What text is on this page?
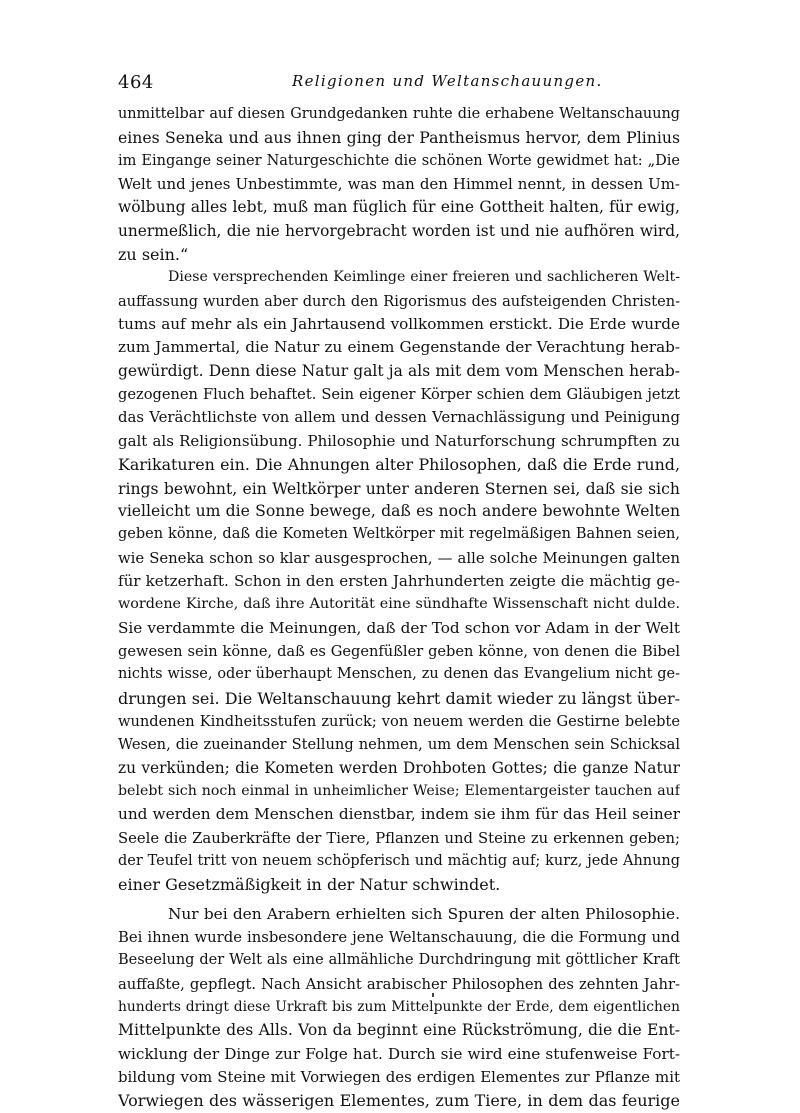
464	Religionen und Weltanschauungen.
unmittelbar auf diesen Grundgedanken ruhte die erhabene Weltanschauung
eines Seneka und aus ihnen ging der Pantheismus hervor, dem Plinius
im Eingange seiner Naturgeschichte die schönen Worte gewidmet hat: „Die
Welt und jenes Unbestimmte, was man den Himmel nennt, in dessen Um-
wölbung alles lebt, muß man füglich für eine Gottheit halten, für ewig,
unermeßlich, die nie hervorgebracht worden ist und nie aufhören wird,
zu sein.“
Diese versprechenden Keimlinge einer freieren und sachlicheren Welt-
auffassung wurden aber durch den Rigorismus des aufsteigenden Christen-
tums auf mehr als ein Jahrtausend vollkommen erstickt. Die Erde wurde
zum Jammertal, die Natur zu einem Gegenstande der Verachtung herab-
gewürdigt. Denn diese Natur galt ja als mit dem vom Menschen herab-
gezogenen Fluch behaftet. Sein eigener Körper schien dem Gläubigen jetzt
das Verächtlichste von allem und dessen Vernachlässigung und Peinigung
galt als Religionsübung. Philosophie und Naturforschung schrumpften zu
Karikaturen ein. Die Ahnungen alter Philosophen, daß die Erde rund,
rings bewohnt, ein Weltkörper unter anderen Sternen sei, daß sie sich
vielleicht um die Sonne bewege, daß es noch andere bewohnte Welten
geben könne, daß die Kometen Weltkörper mit regelmäßigen Bahnen seien,
wie Seneka schon so klar ausgesprochen, — alle solche Meinungen galten
für ketzerhaft. Schon in den ersten Jahrhunderten zeigte die mächtig ge-
wordene Kirche, daß ihre Autorität eine sündhafte Wissenschaft nicht dulde.
Sie verdammte die Meinungen, daß der Tod schon vor Adam in der Welt
gewesen sein könne, daß es Gegenfüßler geben könne, von denen die Bibel
nichts wisse, oder überhaupt Menschen, zu denen das Evangelium nicht ge-
drungen sei. Die Weltanschauung kehrt damit wieder zu längst über-
wundenen Kindheitsstufen zurück; von neuem werden die Gestirne belebte
Wesen, die zueinander Stellung nehmen, um dem Menschen sein Schicksal
zu verkünden; die Kometen werden Drohboten Gottes; die ganze Natur
belebt sich noch einmal in unheimlicher Weise; Elementargeister tauchen auf
und werden dem Menschen dienstbar, indem sie ihm für das Heil seiner
Seele die Zauberkräfte der Tiere, Pflanzen und Steine zu erkennen geben;
der Teufel tritt von neuem schöpferisch und mächtig auf; kurz, jede Ahnung
einer Gesetzmäßigkeit in der Natur schwindet.
Nur bei den Arabern erhielten sich Spuren der alten Philosophie.
Bei ihnen wurde insbesondere jene Weltanschauung, die die Formung und
Beseelung der Welt als eine allmähliche Durchdringung mit göttlicher Kraft
auffaßte, gepflegt. Nach Ansicht arabischer Philosophen des zehnten Jahr-
hunderts dringt diese Urkraft bis zum Mittelpunkte der Erde, dem eigentlichen
Mittelpunkte des Alls. Von da beginnt eine Rückströmung, die die Ent-
wicklung der Dinge zur Folge hat. Durch sie wird eine stufenweise Fort-
bildung vom Steine mit Vorwiegen des erdigen Elementes zur Pflanze mit
Vorwiegen des wässerigen Elementes, zum Tiere, in dem das feurige
